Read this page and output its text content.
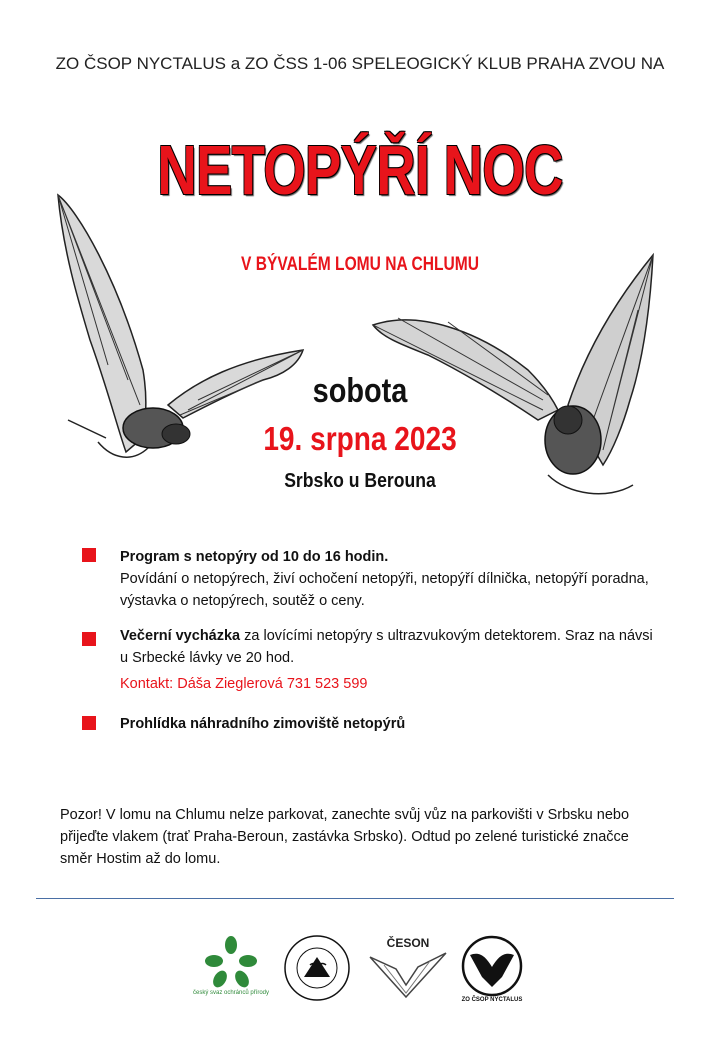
ZO ČSOP NYCTALUS a ZO ČSS 1-06 SPELEOGICKÝ KLUB PRAHA ZVOU NA
NETOPÝŘÍ NOC
V BÝVALÉM LOMU NA CHLUMU
sobota
19. srpna 2023
Srbsko u Berouna
Program s netopýry od 10 do 16 hodin.
Povídání o netopýrech, živí ochočení netopýři, netopýří dílnička, netopýří poradna, výstavka o netopýrech, soutěž o ceny.
Večerní vycházka za lovícími netopýry s ultrazvukovým detektorem. Sraz na návsi u Srbecké lávky ve 20 hod.
Kontakt: Dáša Zieglerová 731 523 599
Prohlídka náhradního zimoviště netopýrů
Pozor! V lomu na Chlumu nelze parkovat, zanechte svůj vůz na parkovišti v Srbsku nebo přijeďte vlakem (trať Praha-Beroun, zastávka Srbsko). Odtud po zelené turistické značce směr Hostim až do lomu.
český svaz ochránců přírody
ČESON
ZO ČSOP NYCTALUS
